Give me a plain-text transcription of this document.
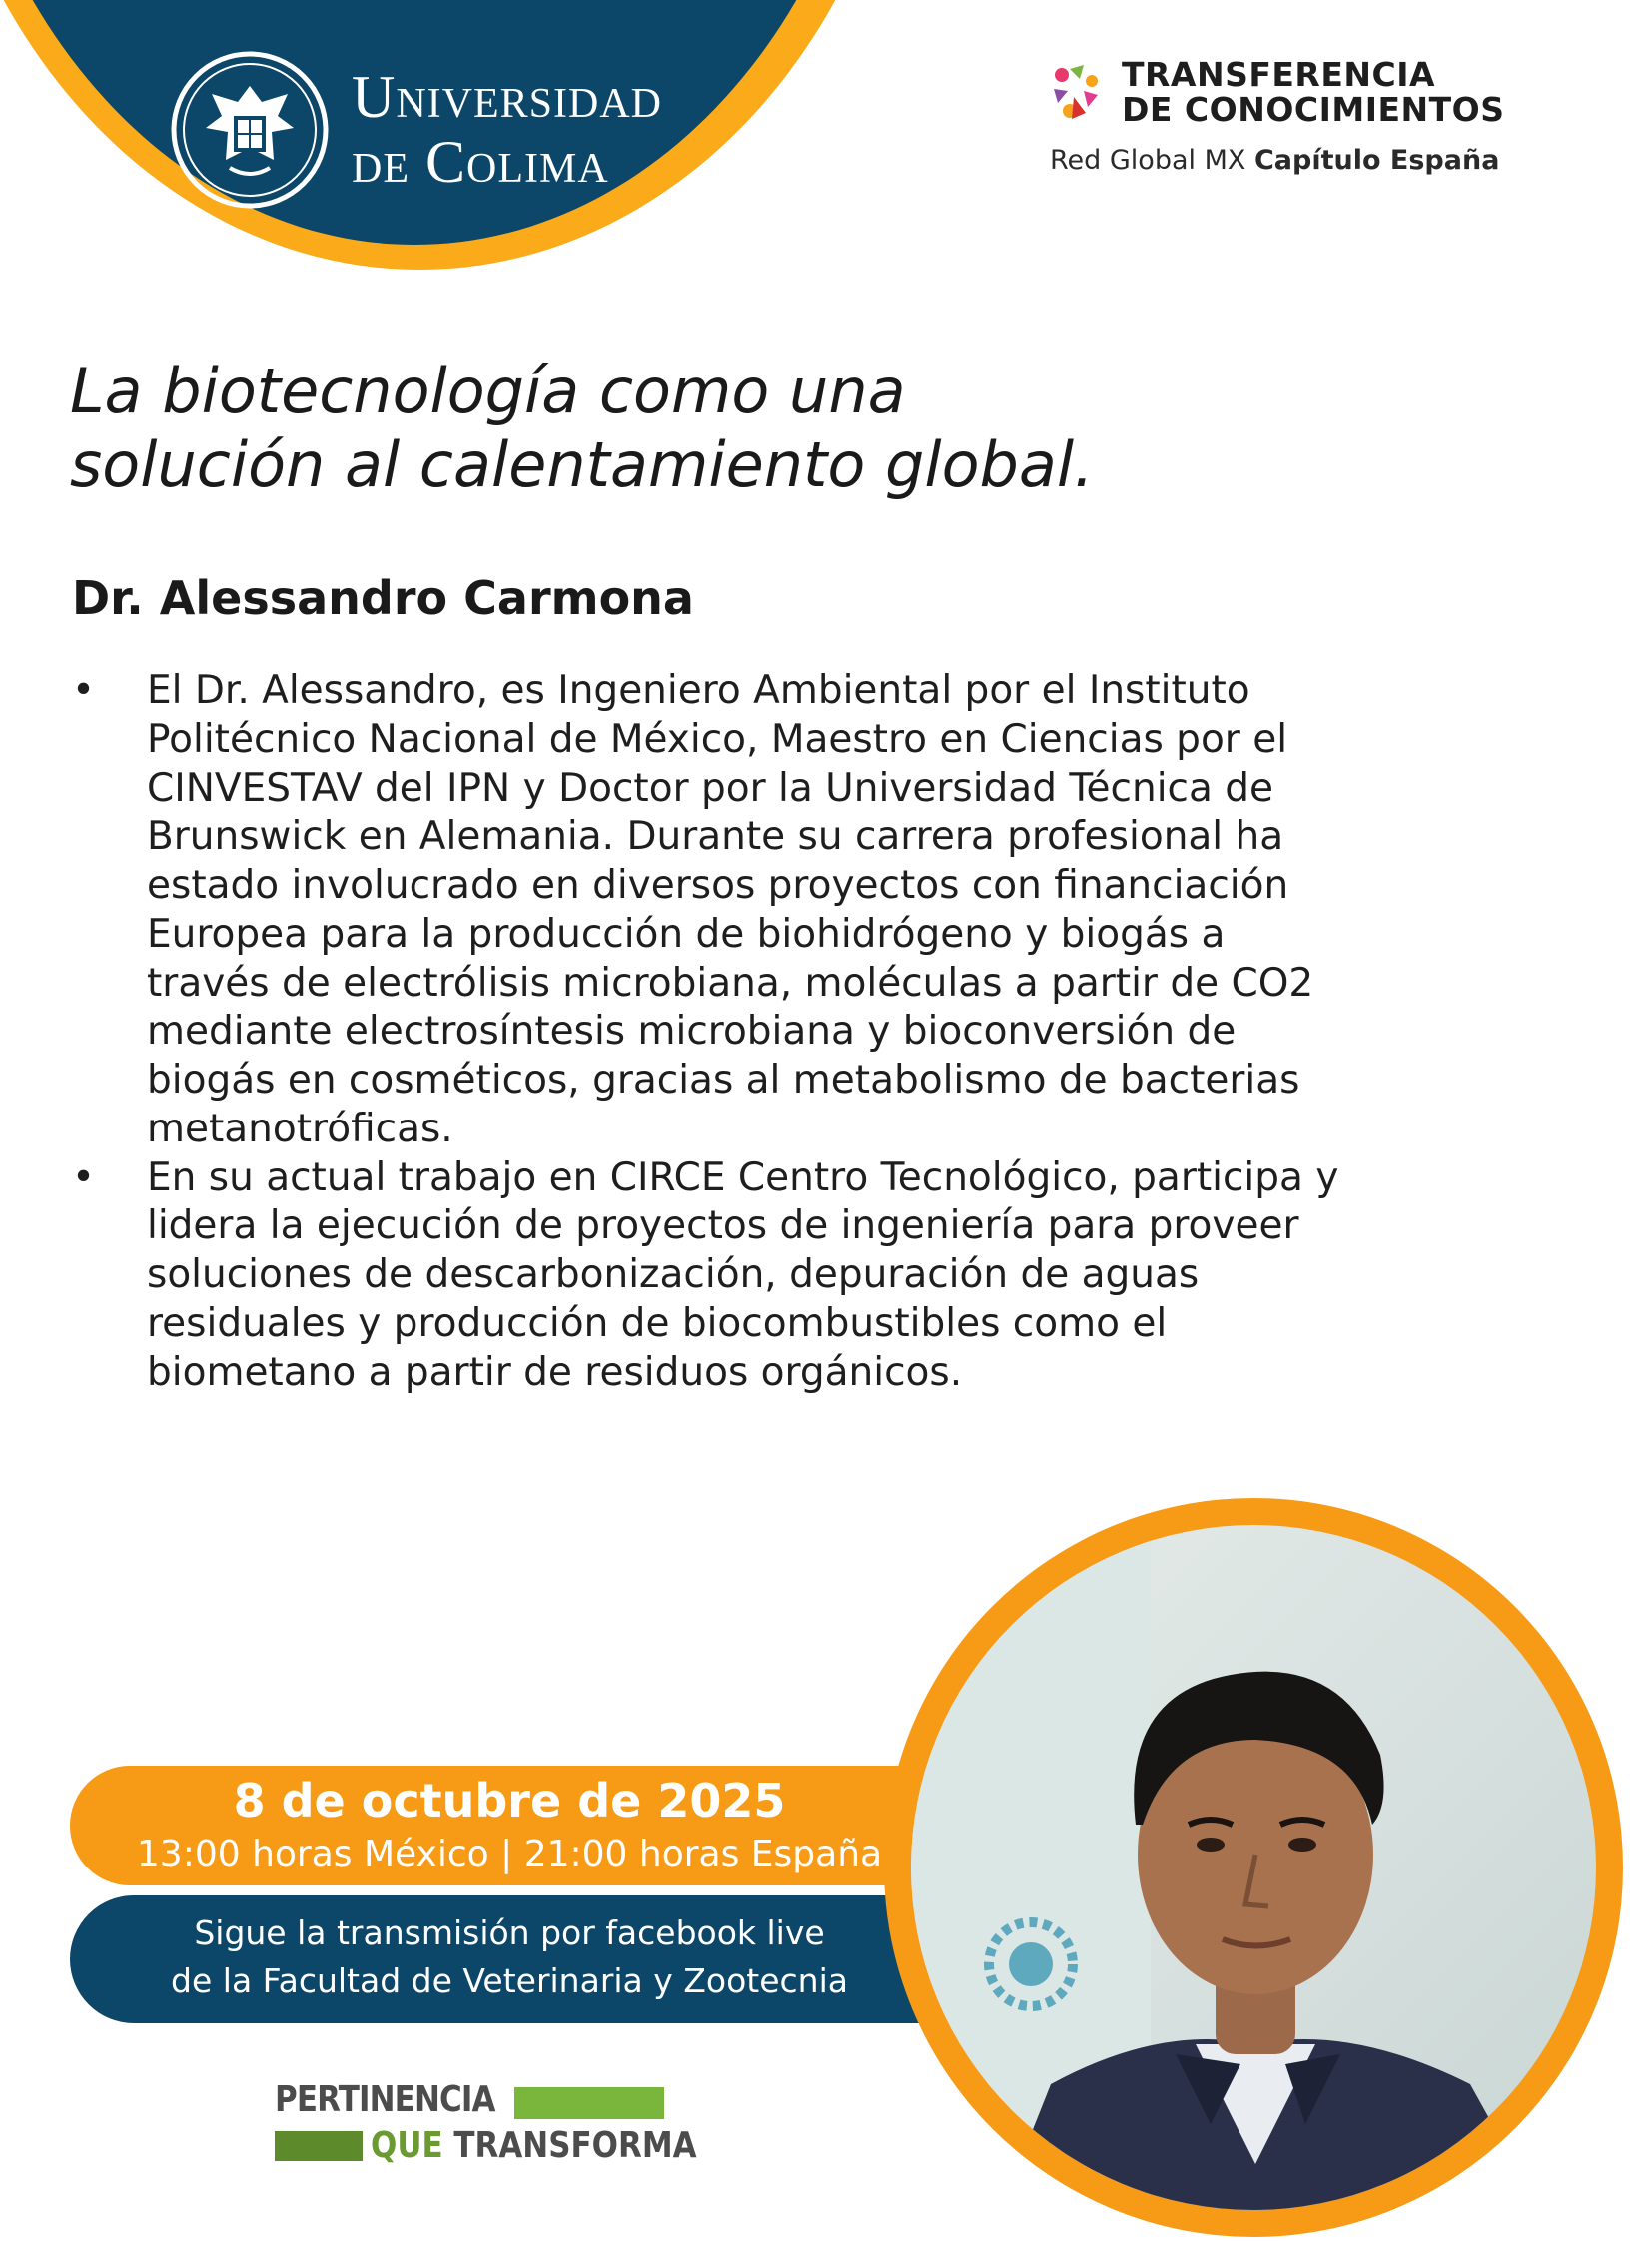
Universidad
de Colima
TRANSFERENCIA
DE CONOCIMIENTOS
Red Global MX Capítulo España
La biotecnología como una
solución al calentamiento global.
Dr. Alessandro Carmona
•	El Dr. Alessandro, es Ingeniero Ambiental por el Instituto
Politécnico Nacional de México, Maestro en Ciencias por el
CINVESTAV del IPN y Doctor por la Universidad Técnica de
Brunswick en Alemania. Durante su carrera profesional ha
estado involucrado en diversos proyectos con financiación
Europea para la producción de biohidrógeno y biogás a
través de electrólisis microbiana, moléculas a partir de CO2
mediante electrosíntesis microbiana y bioconversión de
biogás en cosméticos, gracias al metabolismo de bacterias
metanotróficas.
•	En su actual trabajo en CIRCE Centro Tecnológico, participa y
lidera la ejecución de proyectos de ingeniería para proveer
soluciones de descarbonización, depuración de aguas
residuales y producción de biocombustibles como el
biometano a partir de residuos orgánicos.
8 de octubre de 2025
13:00 horas México | 21:00 horas España
Sigue la transmisión por facebook live
de la Facultad de Veterinaria y Zootecnia
PERTINENCIA
QUE TRANSFORMA
